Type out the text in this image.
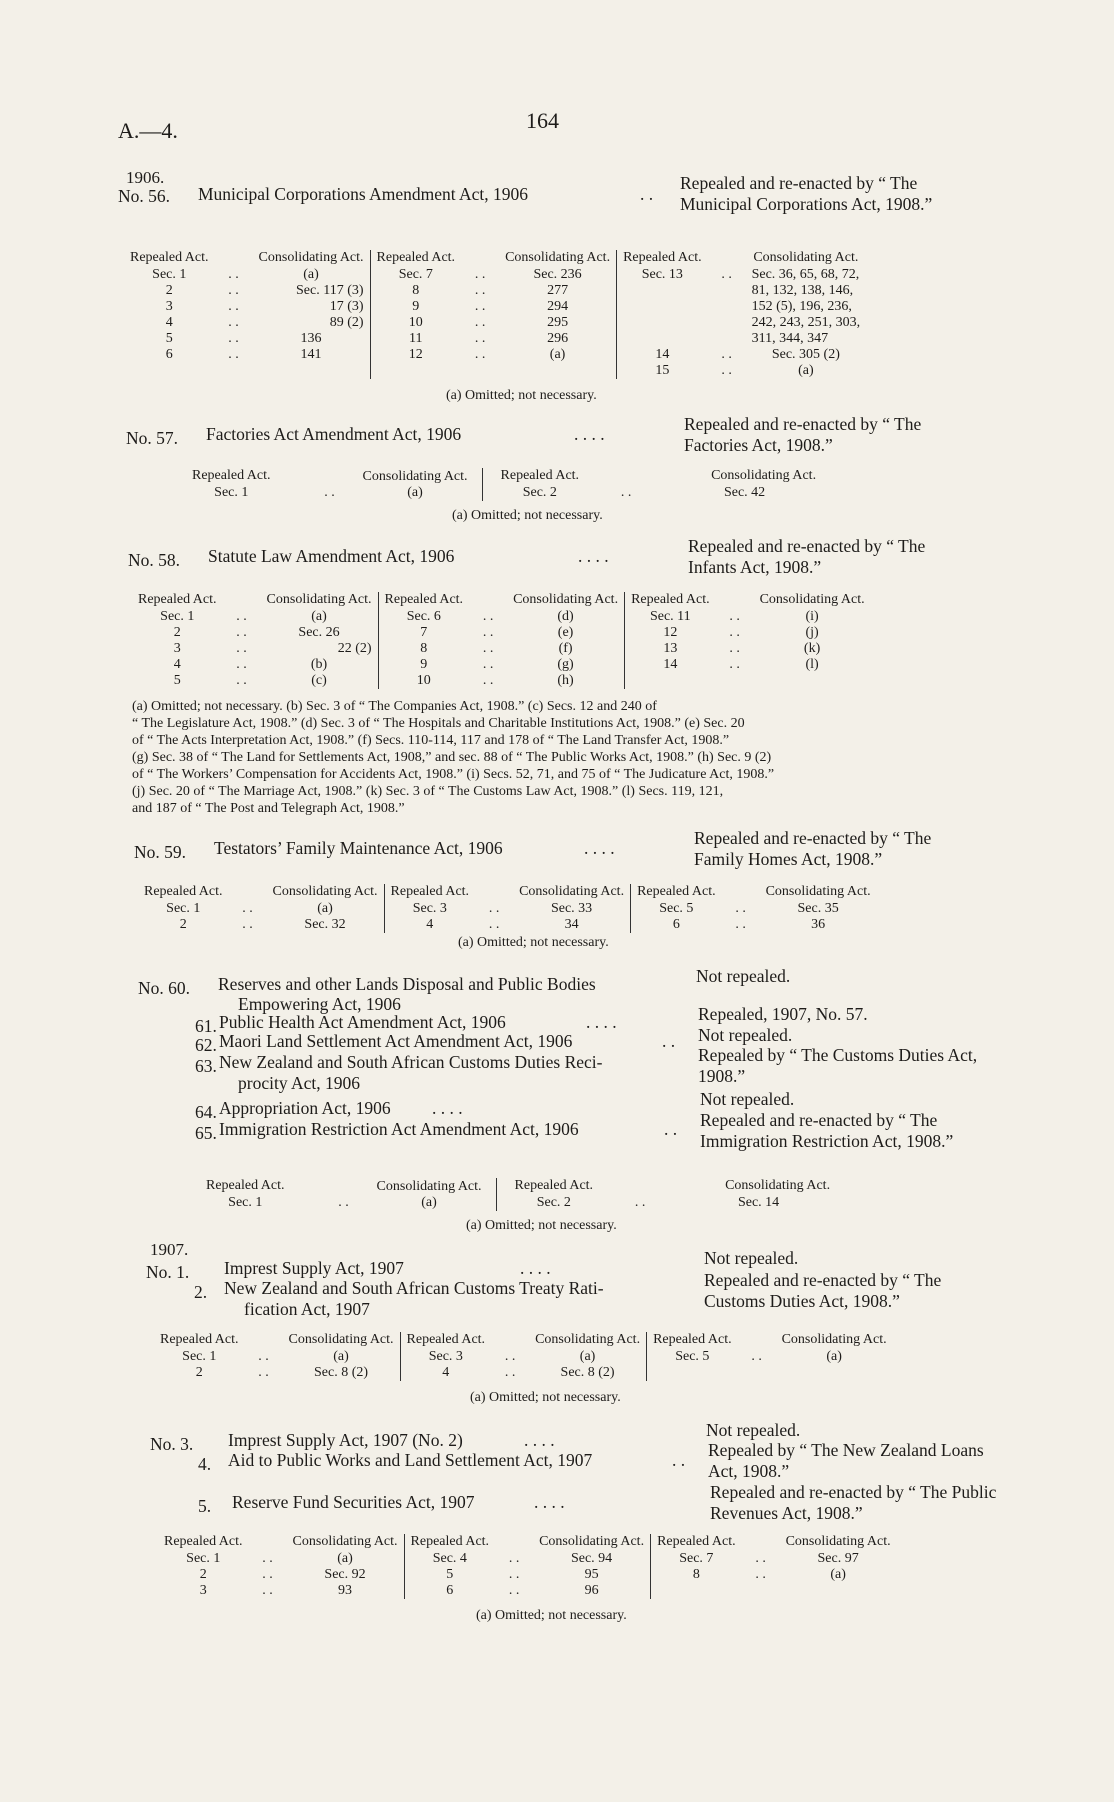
A.—4.	164
1906.
No. 56. Municipal Corporations Amendment Act, 1906	. .
Repealed and re-enacted by “ The Municipal Corporations Act, 1908.”
Repealed Act.		Consolidating Act.	Repealed Act.		Consolidating Act.	Repealed Act.		Consolidating Act.
Sec. 1	. .	(a)	Sec. 7	. .	Sec. 236	Sec. 13	. .	Sec. 36, 65, 68, 72,
2	. .	Sec. 117 (3)	8	. .	277			81, 132, 138, 146,
3	. .	17 (3)	9	. .	294			152 (5), 196, 236,
4	. .	89 (2)	10	. .	295			242, 243, 251, 303,
5	. .	136	11	. .	296			311, 344, 347
6	. .	141	12	. .	(a)	14	. .	Sec. 305 (2)
						15	. .	(a)
(a) Omitted; not necessary.
No. 57. Factories Act Amendment Act, 1906	. . . .	Repealed and re-enacted by “ The Factories Act, 1908.”
Repealed Act.		Consolidating Act.	Repealed Act.		Consolidating Act.
Sec. 1	. .	(a)	Sec. 2	. .	Sec. 42
(a) Omitted; not necessary.
No. 58. Statute Law Amendment Act, 1906	. . . .	Repealed and re-enacted by “ The Infants Act, 1908.”
Repealed Act.		Consolidating Act.	Repealed Act.		Consolidating Act.	Repealed Act.		Consolidating Act.
Sec. 1	. .	(a)	Sec. 6	. .	(d)	Sec. 11	. .	(i)
2	. .	Sec. 26	7	. .	(e)	12	. .	(j)
3	. .	22 (2)	8	. .	(f)	13	. .	(k)
4	. .	(b)	9	. .	(g)	14	. .	(l)
5	. .	(c)	10	. .	(h)			
(a) Omitted; not necessary. (b) Sec. 3 of “ The Companies Act, 1908.” (c) Secs. 12 and 240 of
“ The Legislature Act, 1908.” (d) Sec. 3 of “ The Hospitals and Charitable Institutions Act, 1908.” (e) Sec. 20
of “ The Acts Interpretation Act, 1908.” (f) Secs. 110-114, 117 and 178 of “ The Land Transfer Act, 1908.”
(g) Sec. 38 of “ The Land for Settlements Act, 1908,” and sec. 88 of “ The Public Works Act, 1908.” (h) Sec. 9 (2)
of “ The Workers’ Compensation for Accidents Act, 1908.” (i) Secs. 52, 71, and 75 of “ The Judicature Act, 1908.”
(j) Sec. 20 of “ The Marriage Act, 1908.” (k) Sec. 3 of “ The Customs Law Act, 1908.” (l) Secs. 119, 121,
and 187 of “ The Post and Telegraph Act, 1908.”
No. 59. Testators’ Family Maintenance Act, 1906	. . . .	Repealed and re-enacted by “ The Family Homes Act, 1908.”
Repealed Act.		Consolidating Act.	Repealed Act.		Consolidating Act.	Repealed Act.		Consolidating Act.
Sec. 1	. .	(a)	Sec. 3	. .	Sec. 33	Sec. 5	. .	Sec. 35
2	. .	Sec. 32	4	. .	34	6	. .	36
(a) Omitted; not necessary.
No. 60. Reserves and other Lands Disposal and Public Bodies
Empowering Act, 1906
Not repealed.
61. Public Health Act Amendment Act, 1906	. . . .	Repealed, 1907, No. 57.
62. Maori Land Settlement Act Amendment Act, 1906	. . Not repealed.
63. New Zealand and South African Customs Duties Reci-
procity Act, 1906
Repealed by “ The Customs Duties Act, 1908.”
64. Appropriation Act, 1906 . . . .	Not repealed.
65. Immigration Restriction Act Amendment Act, 1906	. . Repealed and re-enacted by “ The Immigration Restriction Act, 1908.”
Repealed Act.		Consolidating Act.	Repealed Act.		Consolidating Act.
Sec. 1	. .	(a)	Sec. 2	. .	Sec. 14
(a) Omitted; not necessary.
1907.
No. 1. Imprest Supply Act, 1907	. . . .	Not repealed.
2. New Zealand and South African Customs Treaty Rati-
fication Act, 1907
Repealed and re-enacted by “ The Customs Duties Act, 1908.”
Repealed Act.		Consolidating Act.	Repealed Act.		Consolidating Act.	Repealed Act.		Consolidating Act.
Sec. 1	. .	(a)	Sec. 3	. .	(a)	Sec. 5	. .	(a)
2	. .	Sec. 8 (2)	4	. .	Sec. 8 (2)			
(a) Omitted; not necessary.
No. 3. Imprest Supply Act, 1907 (No. 2)	. . . .	Not repealed.
4. Aid to Public Works and Land Settlement Act, 1907	. . Repealed by “ The New Zealand Loans Act, 1908.”
5. Reserve Fund Securities Act, 1907	. . . .	Repealed and re-enacted by “ The Public Revenues Act, 1908.”
Repealed Act.		Consolidating Act.	Repealed Act.		Consolidating Act.	Repealed Act.		Consolidating Act.
Sec. 1	. .	(a)	Sec. 4	. .	Sec. 94	Sec. 7	. .	Sec. 97
2	. .	Sec. 92	5	. .	95	8	. .	(a)
3	. .	93	6	. .	96			
(a) Omitted; not necessary.
